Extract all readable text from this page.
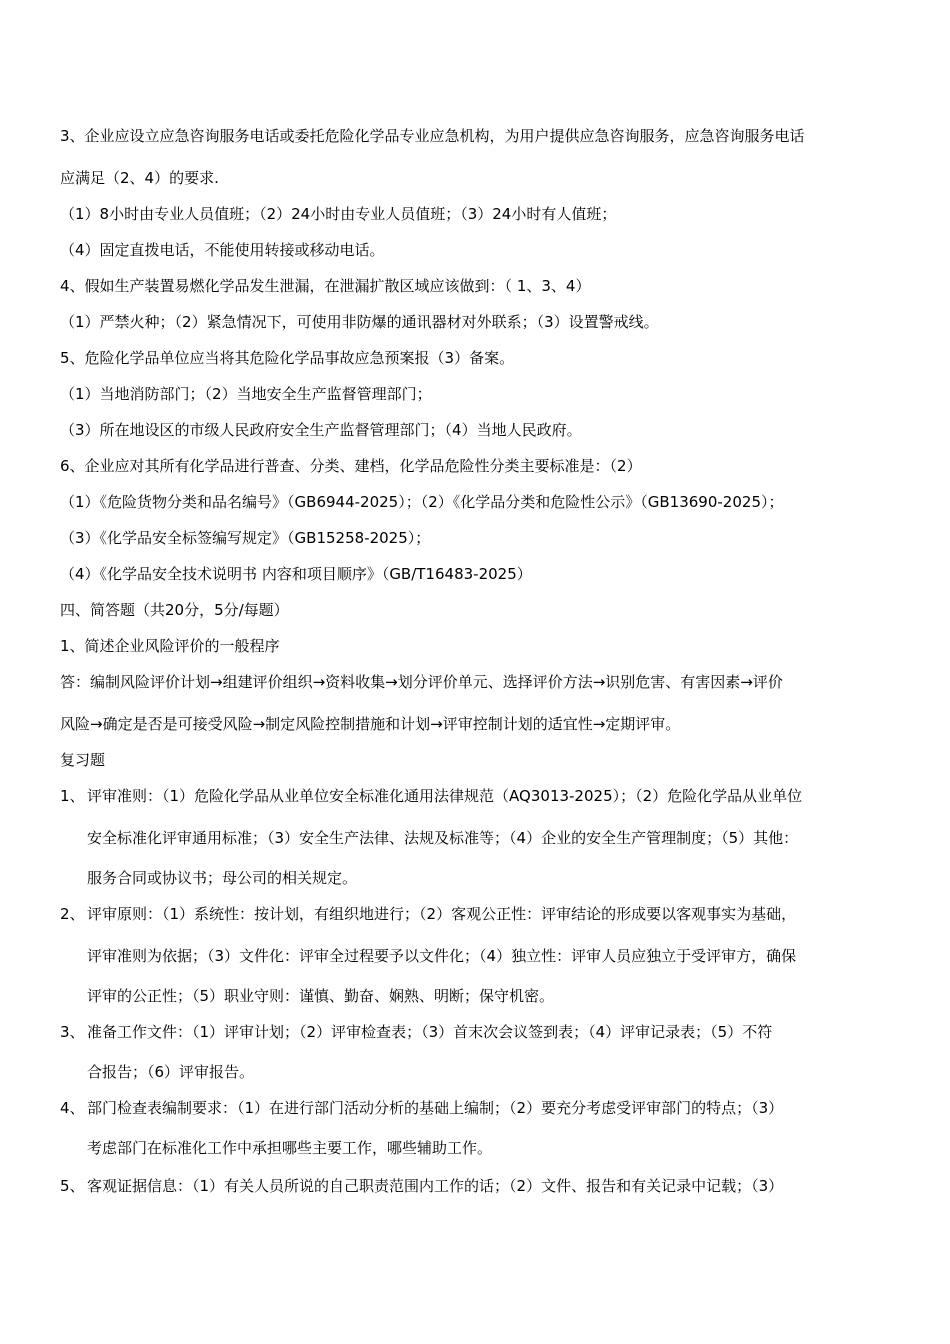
3、企业应设立应急咨询服务电话或委托危险化学品专业应急机构，为用户提供应急咨询服务，应急咨询服务电话
应满足（2、4）的要求.
（1）8小时由专业人员值班；（2）24小时由专业人员值班；（3）24小时有人值班；
（4）固定直拨电话，不能使用转接或移动电话。
4、假如生产装置易燃化学品发生泄漏，在泄漏扩散区域应该做到：（ 1、3、4）
（1）严禁火种；（2）紧急情况下，可使用非防爆的通讯器材对外联系；（3）设置警戒线。
5、危险化学品单位应当将其危险化学品事故应急预案报（3）备案。
（1）当地消防部门；（2）当地安全生产监督管理部门；
（3）所在地设区的市级人民政府安全生产监督管理部门；（4）当地人民政府。
6、企业应对其所有化学品进行普查、分类、建档，化学品危险性分类主要标准是：（2）
（1）《危险货物分类和品名编号》（GB6944-2025）；（2）《化学品分类和危险性公示》（GB13690-2025）；
（3）《化学品安全标签编写规定》（GB15258-2025）；
（4）《化学品安全技术说明书 内容和项目顺序》（GB/T16483-2025）
四、简答题（共20分，5分/每题）
1、简述企业风险评价的一般程序
答：编制风险评价计划→组建评价组织→资料收集→划分评价单元、选择评价方法→识别危害、有害因素→评价
风险→确定是否是可接受风险→制定风险控制措施和计划→评审控制计划的适宜性→定期评审。
复习题
1、 评审准则：（1）危险化学品从业单位安全标准化通用法律规范（AQ3013-2025）；（2）危险化学品从业单位
安全标准化评审通用标准；（3）安全生产法律、法规及标准等；（4）企业的安全生产管理制度；（5）其他：
服务合同或协议书；母公司的相关规定。
2、 评审原则：（1）系统性：按计划，有组织地进行；（2）客观公正性：评审结论的形成要以客观事实为基础，
评审准则为依据；（3）文件化：评审全过程要予以文件化；（4）独立性：评审人员应独立于受评审方，确保
评审的公正性；（5）职业守则：谨慎、勤奋、娴熟、明断；保守机密。
3、 准备工作文件：（1）评审计划；（2）评审检查表；（3）首末次会议签到表；（4）评审记录表；（5）不符
合报告；（6）评审报告。
4、 部门检查表编制要求：（1）在进行部门活动分析的基础上编制；（2）要充分考虑受评审部门的特点；（3）
考虑部门在标准化工作中承担哪些主要工作，哪些辅助工作。
5、 客观证据信息：（1）有关人员所说的自己职责范围内工作的话；（2）文件、报告和有关记录中记载；（3）
